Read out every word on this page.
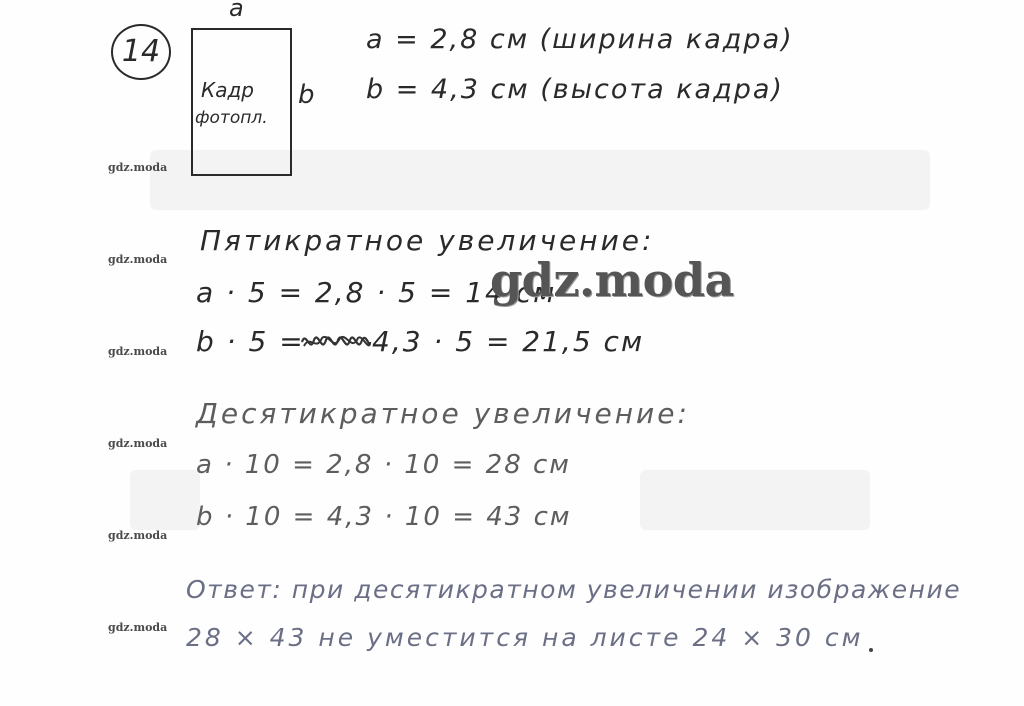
14
a
Кадр
фотопл.
b
a = 2,8 см (ширина кадра)
b = 4,3 см (высота кадра)
gdz.moda
gdz.moda
gdz.moda
gdz.moda
gdz.moda
gdz.moda
Пятикратное увеличение:
a · 5 = 2,8 · 5 = 14 см
b · 5 = 4,3 · 5 = 21,5 см
gdz.moda
Десятикратное увеличение:
a · 10 = 2,8 · 10 = 28 см
b · 10 = 4,3 · 10 = 43 см
Ответ: при десятикратном увеличении изображение
28 × 43 не уместится на листе 24 × 30 см
